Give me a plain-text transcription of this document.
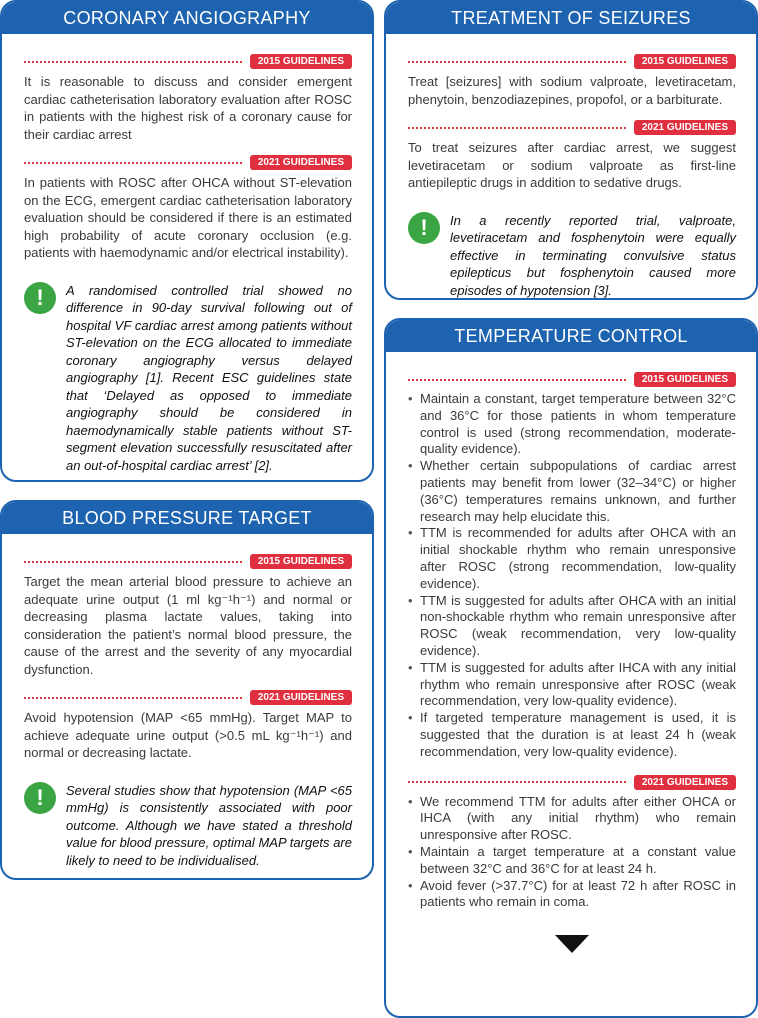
CORONARY ANGIOGRAPHY
2015 GUIDELINES

It is reasonable to discuss and consider emergent cardiac catheterisation laboratory evaluation after ROSC in patients with the highest risk of a coronary cause for their cardiac arrest

2021 GUIDELINES

In patients with ROSC after OHCA without ST-elevation on the ECG, emergent cardiac catheterisation laboratory evaluation should be considered if there is an estimated high probability of acute coronary occlusion (e.g. patients with haemodynamic and/or electrical instability).

!	A randomised controlled trial showed no difference in 90-day survival following out of hospital VF cardiac arrest among patients without ST-elevation on the ECG allocated to immediate coronary angiography versus delayed angiography [1]. Recent ESC guidelines state that ‘Delayed as opposed to immediate angiography should be considered in haemodynamically stable patients without ST-segment elevation successfully resuscitated after an out-of-hospital cardiac arrest’ [2].

BLOOD PRESSURE TARGET
2015 GUIDELINES

Target the mean arterial blood pressure to achieve an adequate urine output (1 ml kg⁻¹h⁻¹) and normal or decreasing plasma lactate values, taking into consideration the patient’s normal blood pressure, the cause of the arrest and the severity of any myocardial dysfunction.

2021 GUIDELINES

Avoid hypotension (MAP <65 mmHg). Target MAP to achieve adequate urine output (>0.5 mL kg⁻¹h⁻¹) and normal or decreasing lactate.

!	Several studies show that hypotension (MAP <65 mmHg) is consistently associated with poor outcome. Although we have stated a threshold value for blood pressure, optimal MAP targets are likely to need to be individualised.

TREATMENT OF SEIZURES
2015 GUIDELINES

Treat [seizures] with sodium valproate, levetiracetam, phenytoin, benzodiazepines, propofol, or a barbiturate.

2021 GUIDELINES

To treat seizures after cardiac arrest, we suggest levetiracetam or sodium valproate as first-line antiepileptic drugs in addition to sedative drugs.

!	In a recently reported trial, valproate, levetiracetam and fosphenytoin were equally effective in terminating convulsive status epilepticus but fosphenytoin caused more episodes of hypotension [3].

TEMPERATURE CONTROL
2015 GUIDELINES
• Maintain a constant, target temperature between 32°C and 36°C for those patients in whom temperature control is used (strong recommendation, moderate-quality evidence).
• Whether certain subpopulations of cardiac arrest patients may benefit from lower (32–34°C) or higher (36°C) temperatures remains unknown, and further research may help elucidate this.
• TTM is recommended for adults after OHCA with an initial shockable rhythm who remain unresponsive after ROSC (strong recommendation, low-quality evidence).
• TTM is suggested for adults after OHCA with an initial non-shockable rhythm who remain unresponsive after ROSC (weak recommendation, very low-quality evidence).
• TTM is suggested for adults after IHCA with any initial rhythm who remain unresponsive after ROSC (weak recommendation, very low-quality evidence).
• If targeted temperature management is used, it is suggested that the duration is at least 24 h (weak recommendation, very low-quality evidence).
2021 GUIDELINES
• We recommend TTM for adults after either OHCA or IHCA (with any initial rhythm) who remain unresponsive after ROSC.
• Maintain a target temperature at a constant value between 32°C and 36°C for at least 24 h.
• Avoid fever (>37.7°C) for at least 72 h after ROSC in patients who remain in coma.
